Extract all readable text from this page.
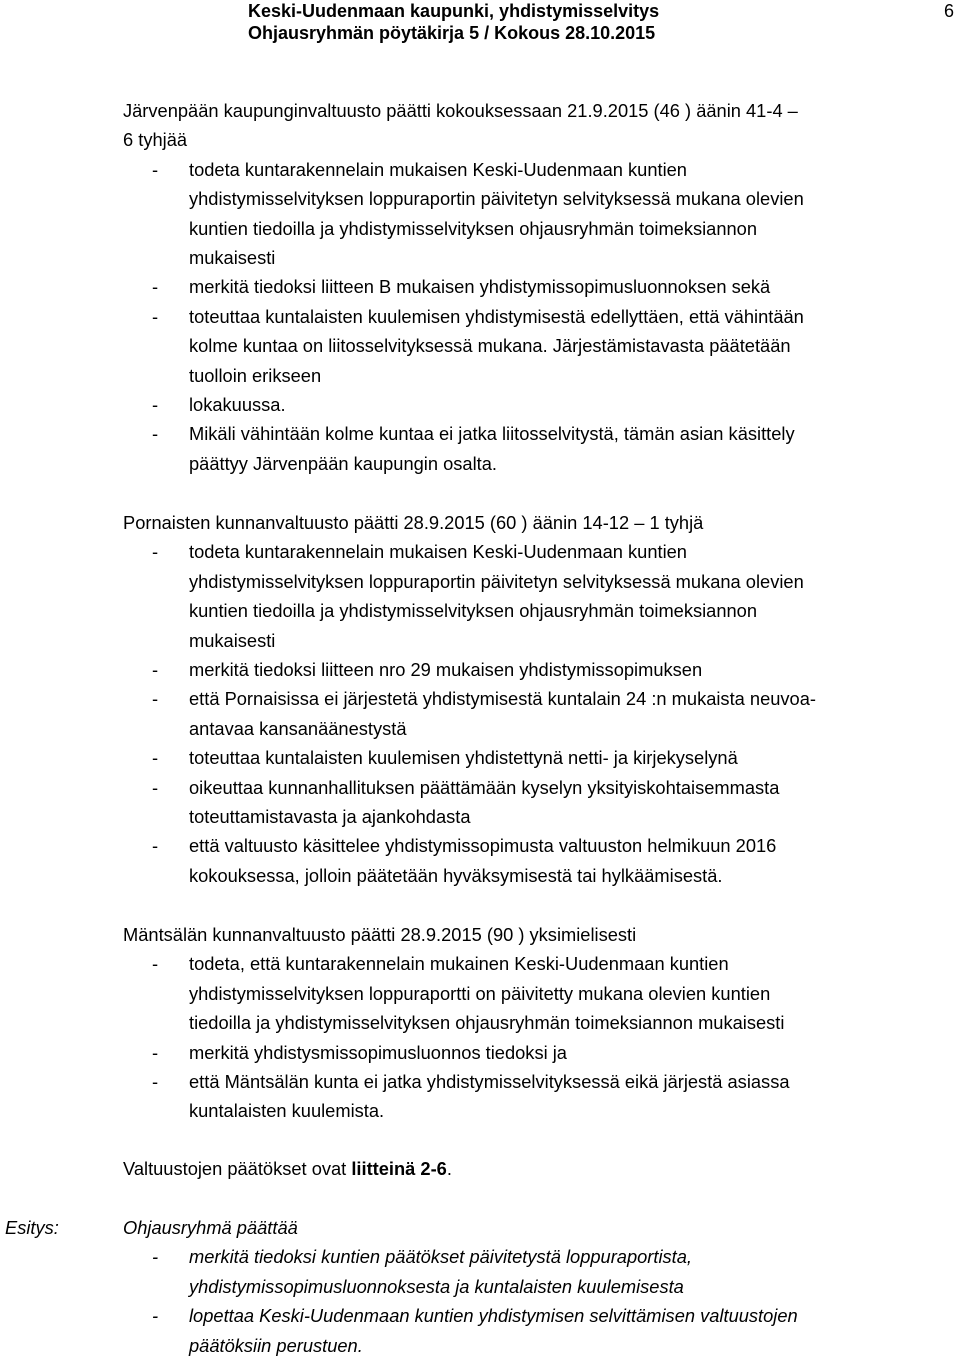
Keski-Uudenmaan kaupunki, yhdistymisselvitys
Ohjausryhmän pöytäkirja 5 / Kokous 28.10.2015
6

Järvenpään kaupunginvaltuusto päätti kokouksessaan 21.9.2015 (46 ) äänin 41-4 –

6 tyhjää

- todeta kuntarakennelain mukaisen Keski-Uudenmaan kuntien
yhdistymisselvityksen loppuraportin päivitetyn selvityksessä mukana olevien
kuntien tiedoilla ja yhdistymisselvityksen ohjausryhmän toimeksiannon
mukaisesti
- merkitä tiedoksi liitteen B mukaisen yhdistymissopimusluonnoksen sekä
- toteuttaa kuntalaisten kuulemisen yhdistymisestä edellyttäen, että vähintään
kolme kuntaa on liitosselvityksessä mukana. Järjestämistavasta päätetään
tuolloin erikseen
- lokakuussa.
- Mikäli vähintään kolme kuntaa ei jatka liitosselvitystä, tämän asian käsittely
päättyy Järvenpään kaupungin osalta.

Pornaisten kunnanvaltuusto päätti 28.9.2015 (60 ) äänin 14-12 – 1 tyhjä

- todeta kuntarakennelain mukaisen Keski-Uudenmaan kuntien
yhdistymisselvityksen loppuraportin päivitetyn selvityksessä mukana olevien
kuntien tiedoilla ja yhdistymisselvityksen ohjausryhmän toimeksiannon
mukaisesti
- merkitä tiedoksi liitteen nro 29 mukaisen yhdistymissopimuksen
- että Pornaisissa ei järjestetä yhdistymisestä kuntalain 24 :n mukaista neuvoa-
antavaa kansanäänestystä
- toteuttaa kuntalaisten kuulemisen yhdistettynä netti- ja kirjekyselynä
- oikeuttaa kunnanhallituksen päättämään kyselyn yksityiskohtaisemmasta
toteuttamistavasta ja ajankohdasta
- että valtuusto käsittelee yhdistymissopimusta valtuuston helmikuun 2016
kokouksessa, jolloin päätetään hyväksymisestä tai hylkäämisestä.

Mäntsälän kunnanvaltuusto päätti 28.9.2015 (90 ) yksimielisesti

- todeta, että kuntarakennelain mukainen Keski-Uudenmaan kuntien
yhdistymisselvityksen loppuraportti on päivitetty mukana olevien kuntien
tiedoilla ja yhdistymisselvityksen ohjausryhmän toimeksiannon mukaisesti
- merkitä yhdistysmissopimusluonnos tiedoksi ja
- että Mäntsälän kunta ei jatka yhdistymisselvityksessä eikä järjestä asiassa
kuntalaisten kuulemista.

Valtuustojen päätökset ovat liitteinä 2-6.

Esitys:	Ohjausryhmä päättää

- merkitä tiedoksi kuntien päätökset päivitetystä loppuraportista,
yhdistymissopimusluonnoksesta ja kuntalaisten kuulemisesta
- lopettaa Keski-Uudenmaan kuntien yhdistymisen selvittämisen valtuustojen
päätöksiin perustuen.
